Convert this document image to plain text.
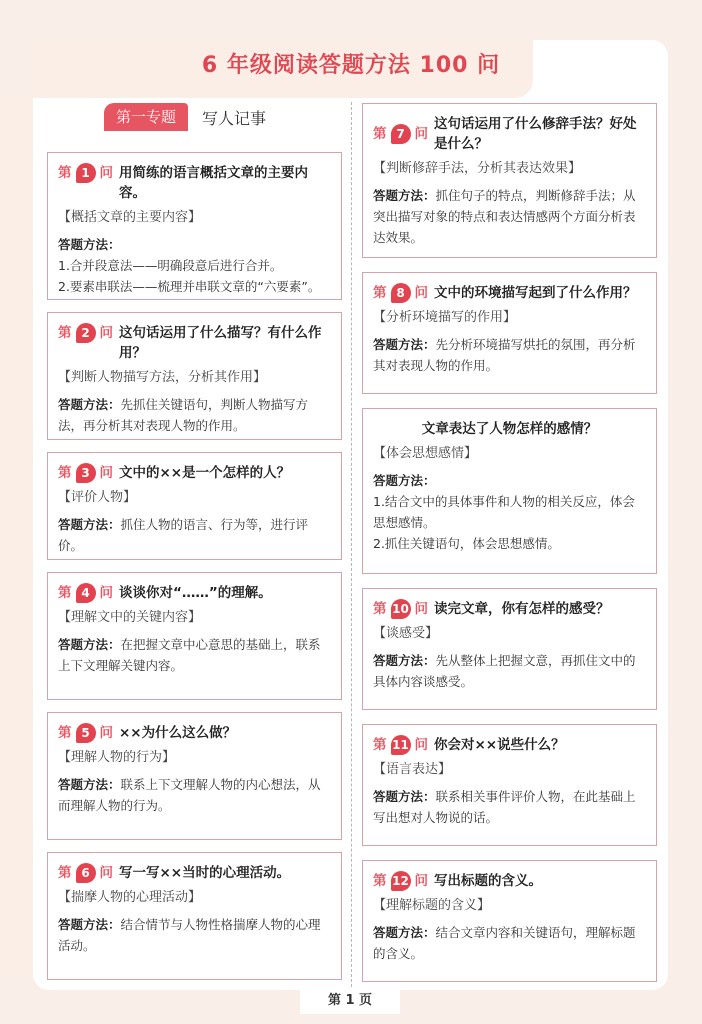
6 年级阅读答题方法 100 问
第一专题	写人记事
第 1 问 用简练的语言概括文章的主要内容。
【概括文章的主要内容】
答题方法：
1.合并段意法——明确段意后进行合并。
2.要素串联法——梳理并串联文章的“六要素”。
第 2 问 这句话运用了什么描写？有什么作用？
【判断人物描写方法，分析其作用】
答题方法：先抓住关键语句，判断人物描写方法，再分析其对表现人物的作用。
第 3 问 文中的××是一个怎样的人？
【评价人物】
答题方法：抓住人物的语言、行为等，进行评价。
第 4 问 谈谈你对“……”的理解。
【理解文中的关键内容】
答题方法：在把握文章中心意思的基础上，联系上下文理解关键内容。
第 5 问 ××为什么这么做？
【理解人物的行为】
答题方法：联系上下文理解人物的内心想法，从而理解人物的行为。
第 6 问 写一写××当时的心理活动。
【揣摩人物的心理活动】
答题方法：结合情节与人物性格揣摩人物的心理活动。
第 7 问
这句话运用了什么修辞手法？好处是什么？
【判断修辞手法，分析其表达效果】
答题方法：抓住句子的特点，判断修辞手法；从突出描写对象的特点和表达情感两个方面分析表达效果。
第 8 问 文中的环境描写起到了什么作用？
【分析环境描写的作用】
答题方法：先分析环境描写烘托的氛围，再分析其对表现人物的作用。
文章表达了人物怎样的感情？
【体会思想感情】
答题方法：
1.结合文中的具体事件和人物的相关反应，体会思想感情。
2.抓住关键语句，体会思想感情。
第 10 问 读完文章，你有怎样的感受？
【谈感受】
答题方法：先从整体上把握文意，再抓住文中的具体内容谈感受。
第 11 问 你会对××说些什么？
【语言表达】
答题方法：联系相关事件评价人物，在此基础上写出想对人物说的话。
第 12 问 写出标题的含义。
【理解标题的含义】
答题方法：结合文章内容和关键语句，理解标题的含义。
第 1 页
